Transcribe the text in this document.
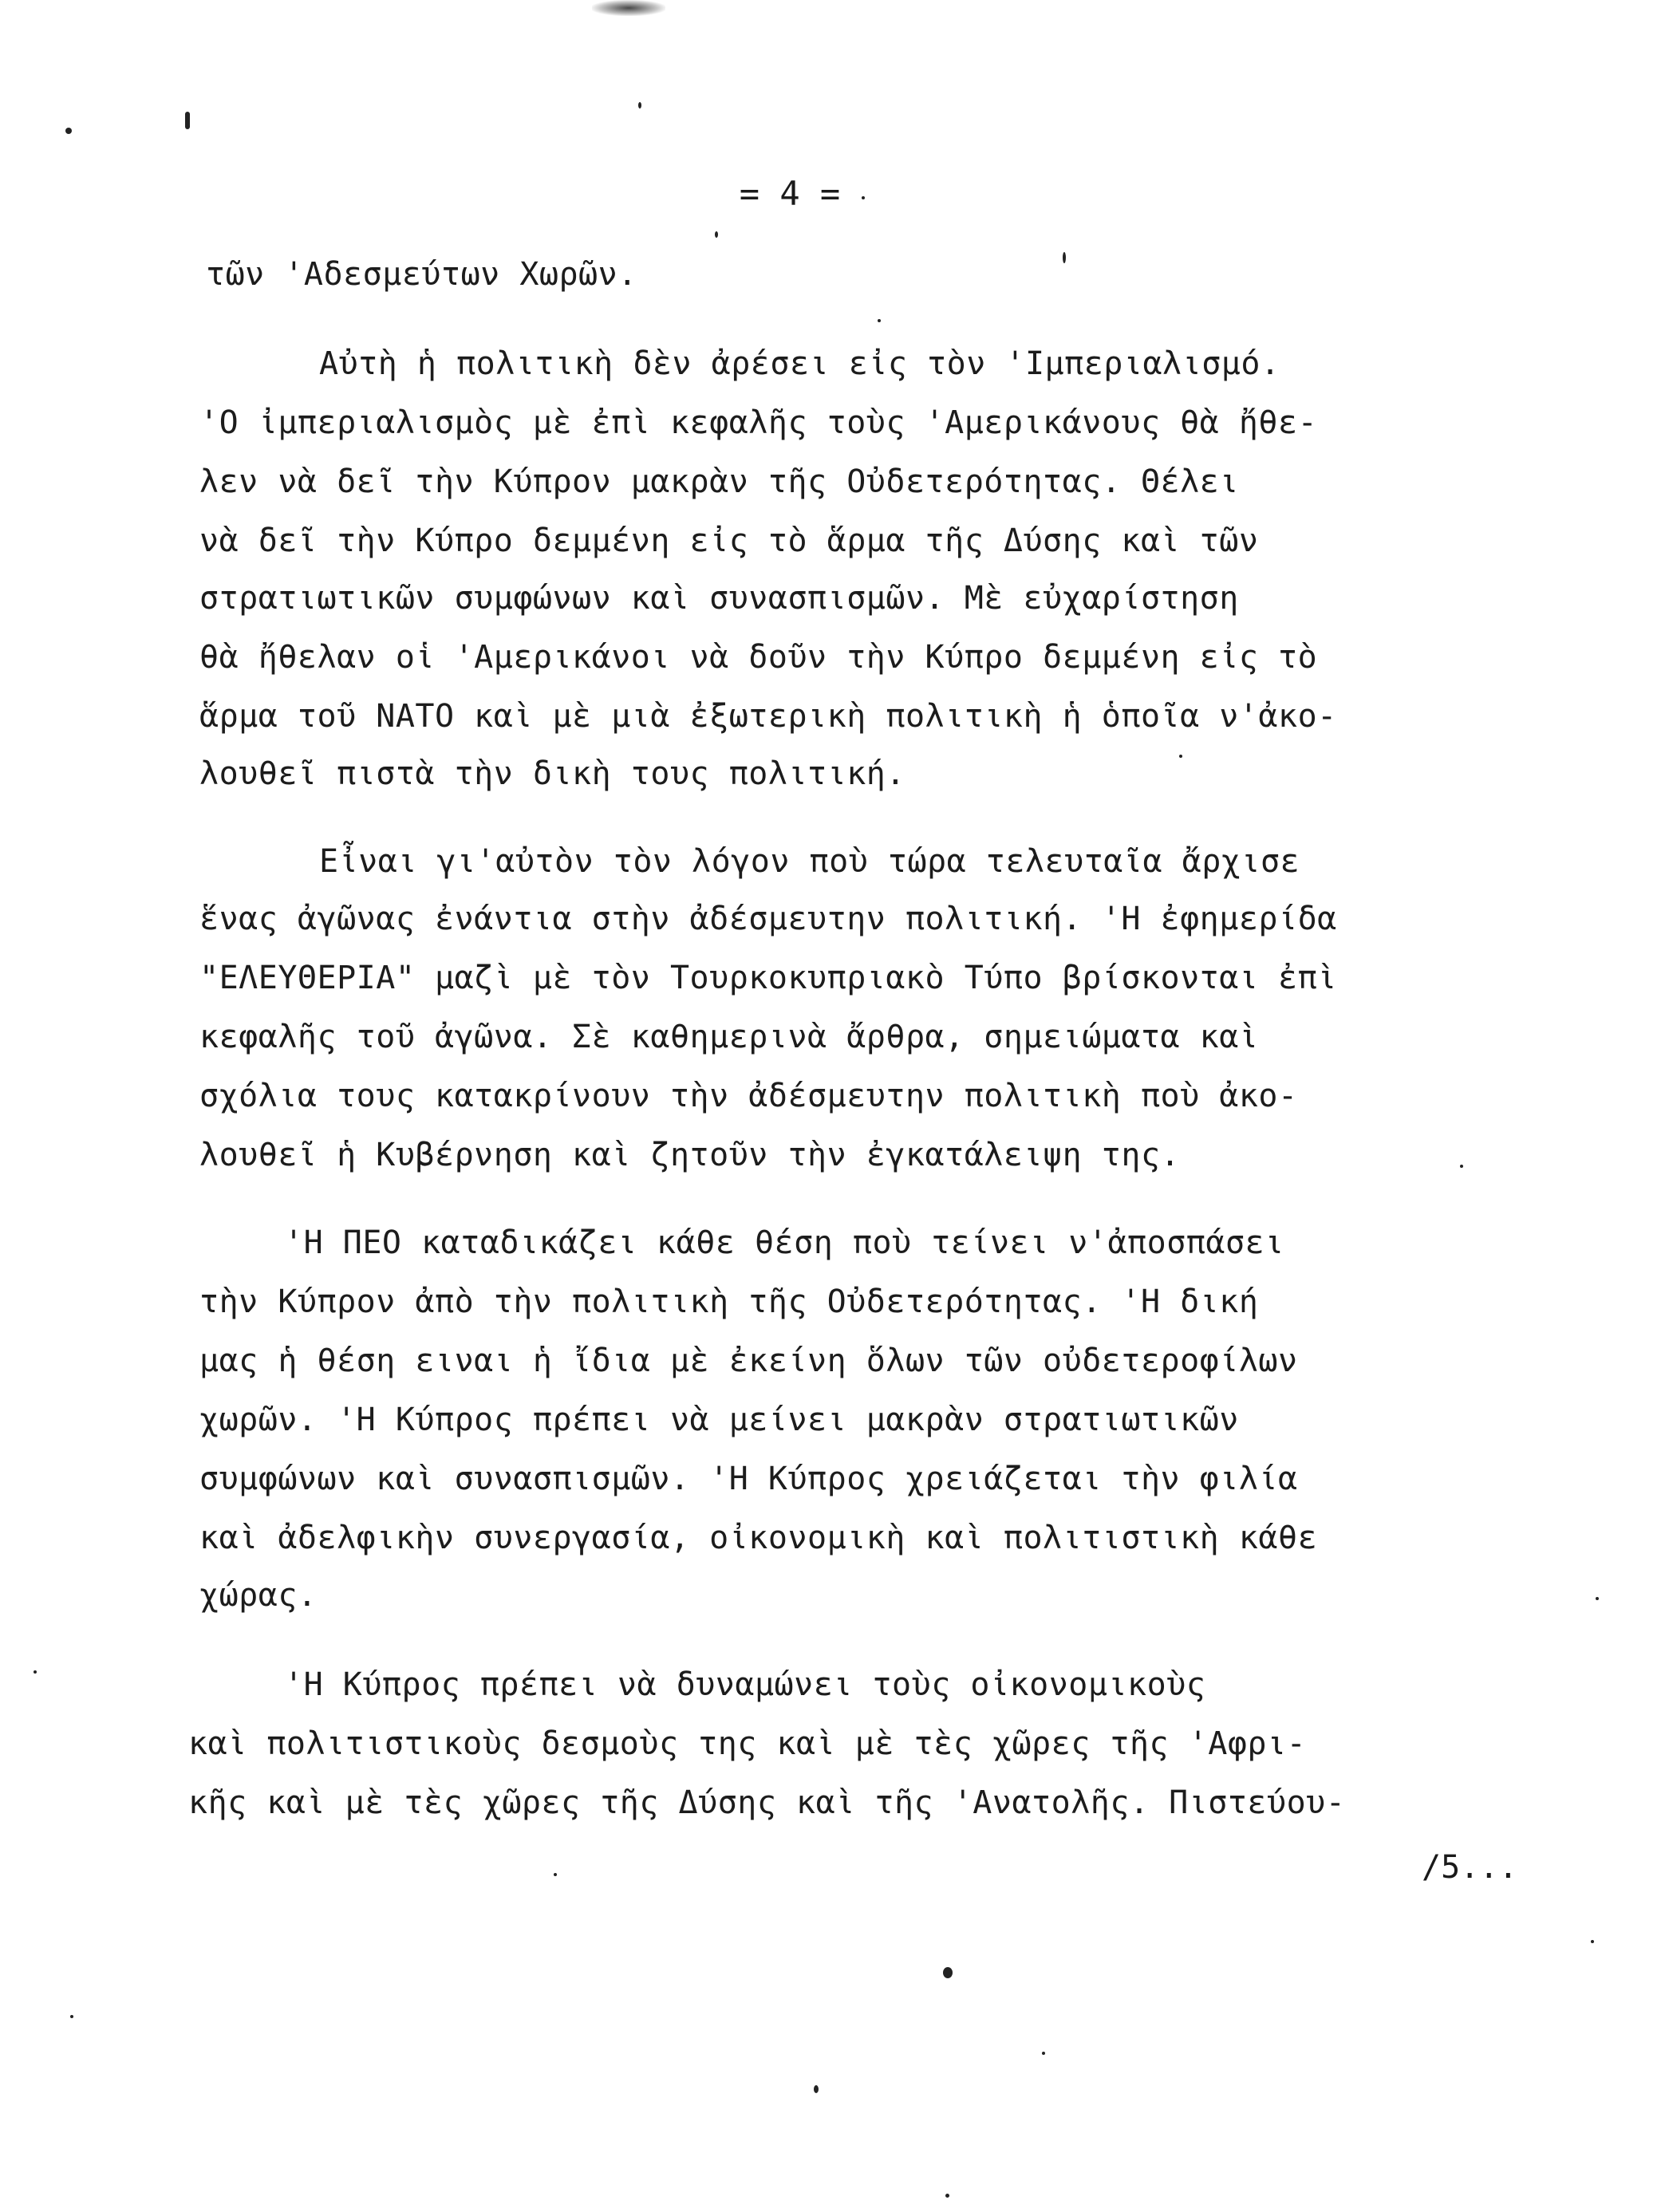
= 4 =
τῶν 'Αδεσμεύτων Χωρῶν.
Αὐτὴ ἡ πολιτικὴ δὲν ἀρέσει εἰς τὸν 'Ιμπεριαλισμό.
'Ο ἰμπεριαλισμὸς μὲ ἐπὶ κεφαλῆς τοὺς 'Αμερικάνους θὰ ἤθε-
λεν νὰ δεῖ τὴν Κύπρον μακρὰν τῆς Οὐδετερότητας. Θέλει
νὰ δεῖ τὴν Κύπρο δεμμένη εἰς τὸ ἅρμα τῆς Δύσης καὶ τῶν
στρατιωτικῶν συμφώνων καὶ συνασπισμῶν. Μὲ εὐχαρίστηση
θὰ ἤθελαν οἱ 'Αμερικάνοι νὰ δοῦν τὴν Κύπρο δεμμένη εἰς τὸ
ἅρμα τοῦ ΝΑΤΟ καὶ μὲ μιὰ ἐξωτερικὴ πολιτικὴ ἡ ὁποῖα ν'ἀκο-
λουθεῖ πιστὰ τὴν δικὴ τους πολιτική.
Εἶναι γι'αὐτὸν τὸν λόγον ποὺ τώρα τελευταῖα ἄρχισε
ἕνας ἀγῶνας ἐνάντια στὴν ἀδέσμευτην πολιτική. 'Η ἐφημερίδα
"ΕΛΕΥΘΕΡΙΑ" μαζὶ μὲ τὸν Τουρκοκυπριακὸ Τύπο βρίσκονται ἐπὶ
κεφαλῆς τοῦ ἀγῶνα. Σὲ καθημερινὰ ἄρθρα, σημειώματα καὶ
σχόλια τους κατακρίνουν τὴν ἀδέσμευτην πολιτικὴ ποὺ ἀκο-
λουθεῖ ἡ Κυβέρνηση καὶ ζητοῦν τὴν ἐγκατάλειψη της.
'Η ΠΕΟ καταδικάζει κάθε θέση ποὺ τείνει ν'ἀποσπάσει
τὴν Κύπρον ἀπὸ τὴν πολιτικὴ τῆς Οὐδετερότητας. 'Η δική
μας ἡ θέση ειναι ἡ ἴδια μὲ ἐκείνη ὅλων τῶν οὐδετεροφίλων
χωρῶν. 'Η Κύπρος πρέπει νὰ μείνει μακρὰν στρατιωτικῶν
συμφώνων καὶ συνασπισμῶν. 'Η Κύπρος χρειάζεται τὴν φιλία
καὶ ἀδελφικὴν συνεργασία, οἰκονομικὴ καὶ πολιτιστικὴ κάθε
χώρας.
'Η Κύπρος πρέπει νὰ δυναμώνει τοὺς οἰκονομικοὺς
καὶ πολιτιστικοὺς δεσμοὺς της καὶ μὲ τὲς χῶρες τῆς 'Αφρι-
κῆς καὶ μὲ τὲς χῶρες τῆς Δύσης καὶ τῆς 'Ανατολῆς. Πιστεύου-
/5...
